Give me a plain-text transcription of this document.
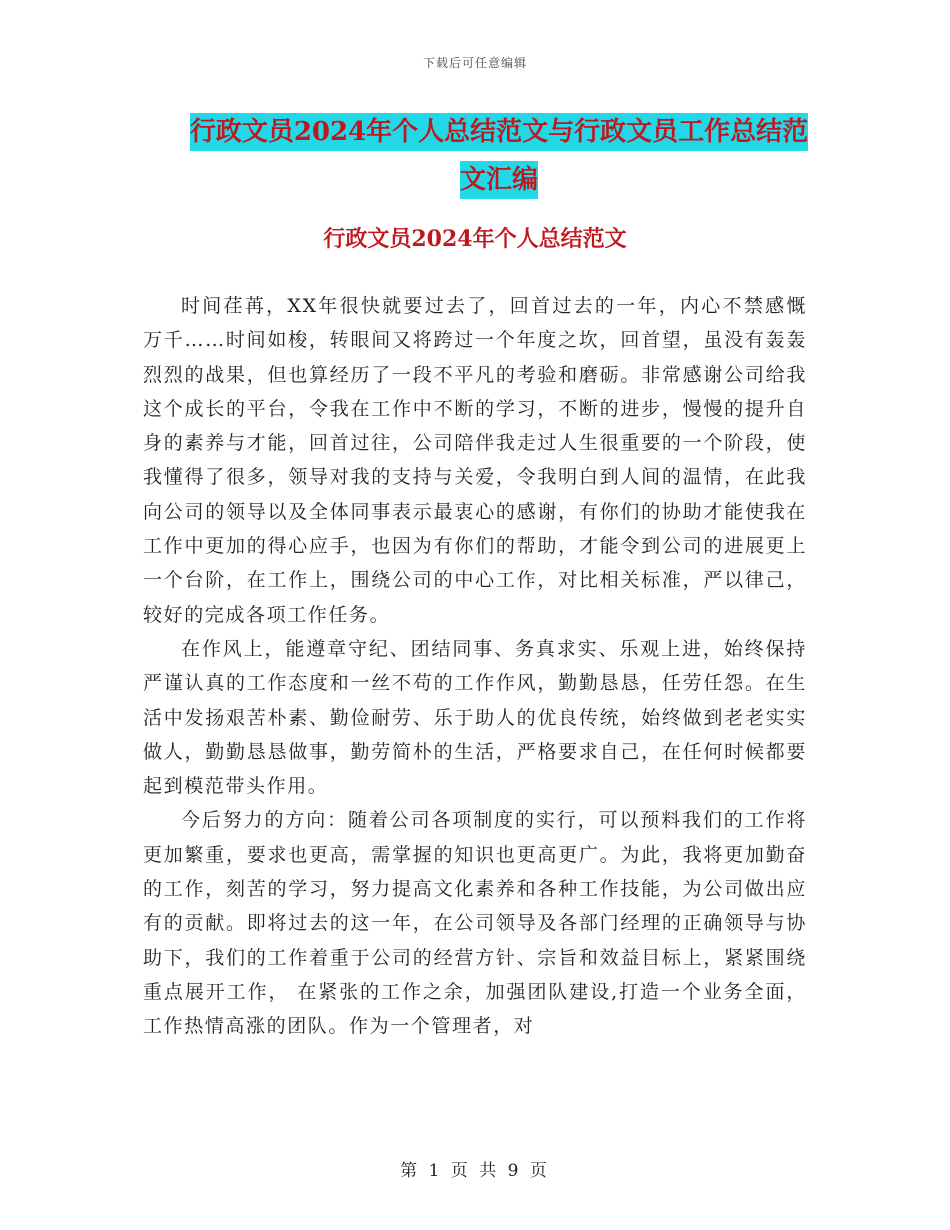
下载后可任意编辑
行政文员2024年个人总结范文与行政文员工作总结范
文汇编
行政文员2024年个人总结范文

时间荏苒，XX年很快就要过去了，回首过去的一年，内心不禁感慨万千……时间如梭，转眼间又将跨过一个年度之坎，回首望，虽没有轰轰烈烈的战果，但也算经历了一段不平凡的考验和磨砺。非常感谢公司给我这个成长的平台，令我在工作中不断的学习，不断的进步，慢慢的提升自身的素养与才能，回首过往，公司陪伴我走过人生很重要的一个阶段，使我懂得了很多，领导对我的支持与关爱，令我明白到人间的温情，在此我向公司的领导以及全体同事表示最衷心的感谢，有你们的协助才能使我在工作中更加的得心应手，也因为有你们的帮助，才能令到公司的进展更上一个台阶，在工作上，围绕公司的中心工作，对比相关标准，严以律己，较好的完成各项工作任务。

在作风上，能遵章守纪、团结同事、务真求实、乐观上进，始终保持严谨认真的工作态度和一丝不苟的工作作风，勤勤恳恳，任劳任怨。在生活中发扬艰苦朴素、勤俭耐劳、乐于助人的优良传统，始终做到老老实实做人，勤勤恳恳做事，勤劳简朴的生活，严格要求自己，在任何时候都要起到模范带头作用。

今后努力的方向：随着公司各项制度的实行，可以预料我们的工作将更加繁重，要求也更高，需掌握的知识也更高更广。为此，我将更加勤奋的工作，刻苦的学习，努力提高文化素养和各种工作技能，为公司做出应有的贡献。即将过去的这一年，在公司领导及各部门经理的正确领导与协助下，我们的工作着重于公司的经营方针、宗旨和效益目标上，紧紧围绕重点展开工作， 在紧张的工作之余，加强团队建设,打造一个业务全面，工作热情高涨的团队。作为一个管理者，对

第 1 页 共 9 页
